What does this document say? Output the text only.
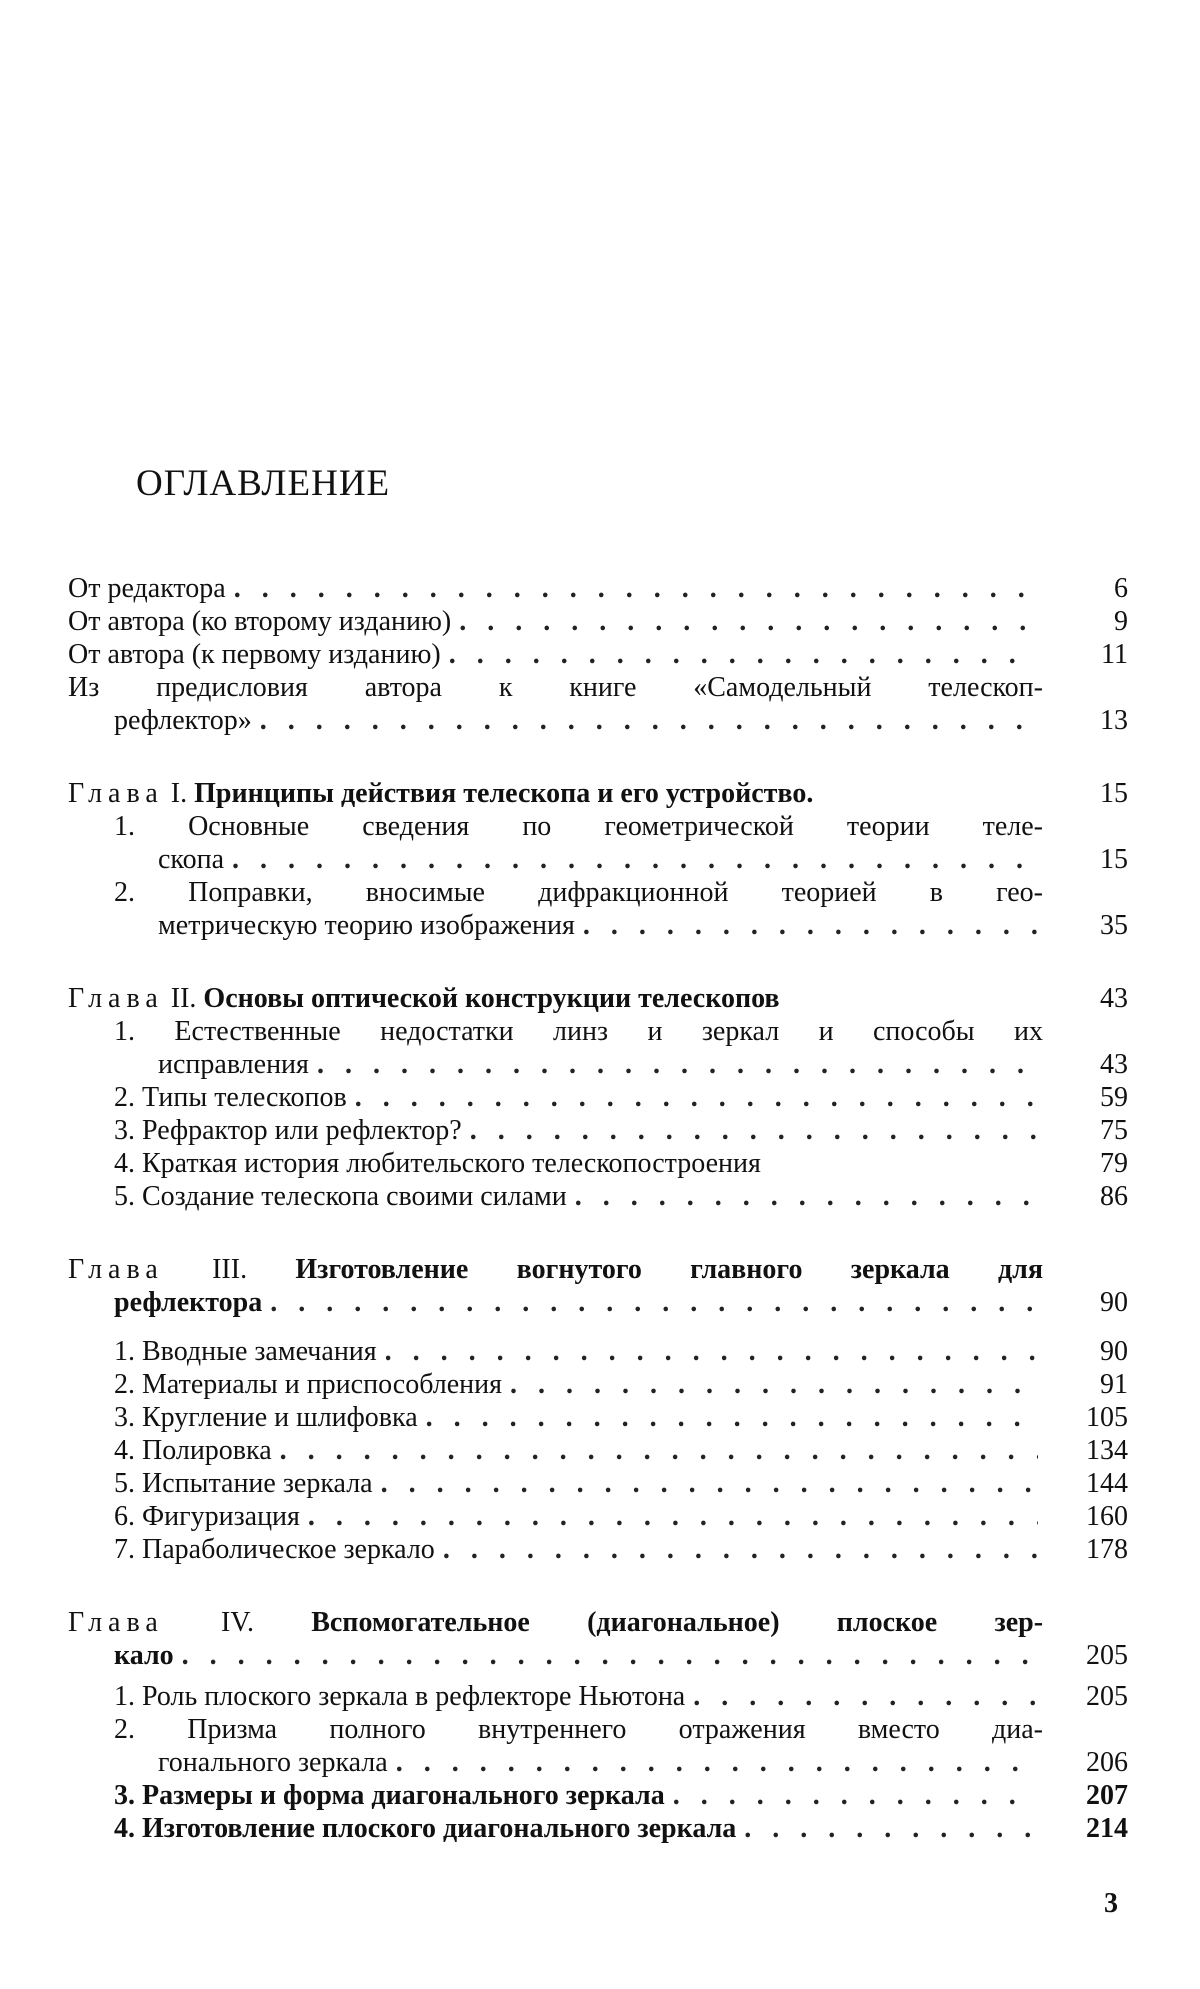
ОГЛАВЛЕНИЕ
От редактора . . .	6
От автора (ко второму изданию) . . .	9
От автора (к первому изданию) . . .	11
Из предисловия автора к книге «Самодельный телескоп-
рефлектор» . . .	13
Глава I. Принципы действия телескопа и его устройство.	15
1. Основные сведения по геометрической теории теле-
скопа . . .	15
2. Поправки, вносимые дифракционной теорией в гео-
метрическую теорию изображения . . .	35
Глава II. Основы оптической конструкции телескопов	43
1. Естественные недостатки линз и зеркал и способы их
исправления . . .	43
2. Типы телескопов . . .	59
3. Рефрактор или рефлектор? . . .	75
4. Краткая история любительского телескопостроения	79
5. Создание телескопа своими силами . . .	86
Глава III. Изготовление вогнутого главного зеркала для
рефлектора . . .	90
1. Вводные замечания . . .	90
2. Материалы и приспособления . . .	91
3. Кругление и шлифовка . . .	105
4. Полировка . . .	134
5. Испытание зеркала . . .	144
6. Фигуризация . . .	160
7. Параболическое зеркало . . .	178
Глава IV. Вспомогательное (диагональное) плоское зер-
кало . . .	205
1. Роль плоского зеркала в рефлекторе Ньютона . . .	205
2. Призма полного внутреннего отражения вместо диа-
гонального зеркала . . .	206
3. Размеры и форма диагонального зеркала . . .	207
4. Изготовление плоского диагонального зеркала . . .	214
3
